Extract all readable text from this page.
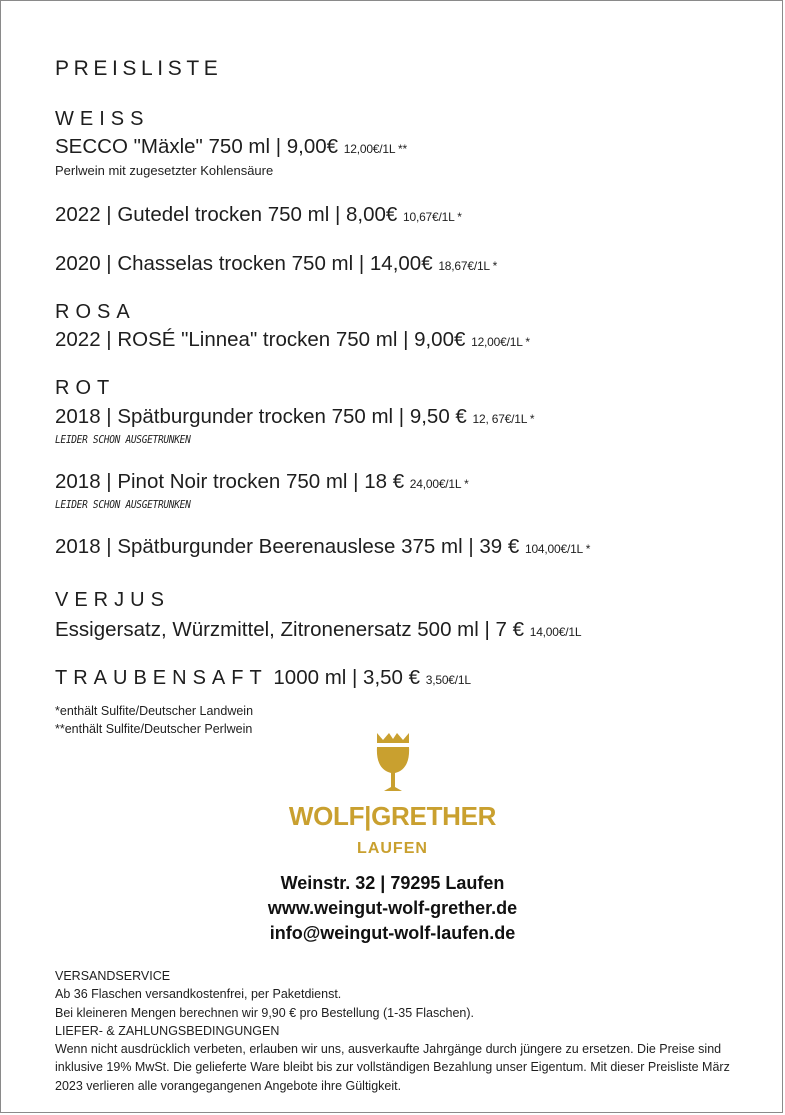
PREISLISTE
WEISS
SECCO "Mäxle" 750 ml | 9,00€ 12,00€/1L **
Perlwein mit zugesetzter Kohlensäure
2022 | Gutedel trocken 750 ml | 8,00€ 10,67€/1L *
2020 | Chasselas trocken 750 ml | 14,00€ 18,67€/1L *
ROSA
2022 | ROSÉ "Linnea" trocken 750 ml | 9,00€ 12,00€/1L *
ROT
2018 | Spätburgunder trocken 750 ml | 9,50 € 12, 67€/1L *
LEIDER SCHON AUSGETRUNKEN
2018 | Pinot Noir trocken 750 ml | 18 € 24,00€/1L *
LEIDER SCHON AUSGETRUNKEN
2018 | Spätburgunder Beerenauslese 375 ml | 39 € 104,00€/1L *
VERJUS
Essigersatz, Würzmittel, Zitronenersatz 500 ml | 7 € 14,00€/1L
TRAUBENSAFT 1000 ml | 3,50 € 3,50€/1L
*enthält Sulfite/Deutscher Landwein
**enthält Sulfite/Deutscher Perlwein
WOLF|GRETHER
LAUFEN
Weinstr. 32 | 79295 Laufen
www.weingut-wolf-grether.de
info@weingut-wolf-laufen.de
VERSANDSERVICE
Ab 36 Flaschen versandkostenfrei, per Paketdienst.
Bei kleineren Mengen berechnen wir 9,90 € pro Bestellung (1-35 Flaschen).
LIEFER- & ZAHLUNGSBEDINGUNGEN
Wenn nicht ausdrücklich verbeten, erlauben wir uns, ausverkaufte Jahrgänge durch jüngere zu ersetzen. Die Preise sind inklusive 19% MwSt. Die gelieferte Ware bleibt bis zur vollständigen Bezahlung unser Eigentum. Mit dieser Preisliste März 2023 verlieren alle vorangegangenen Angebote ihre Gültigkeit.
